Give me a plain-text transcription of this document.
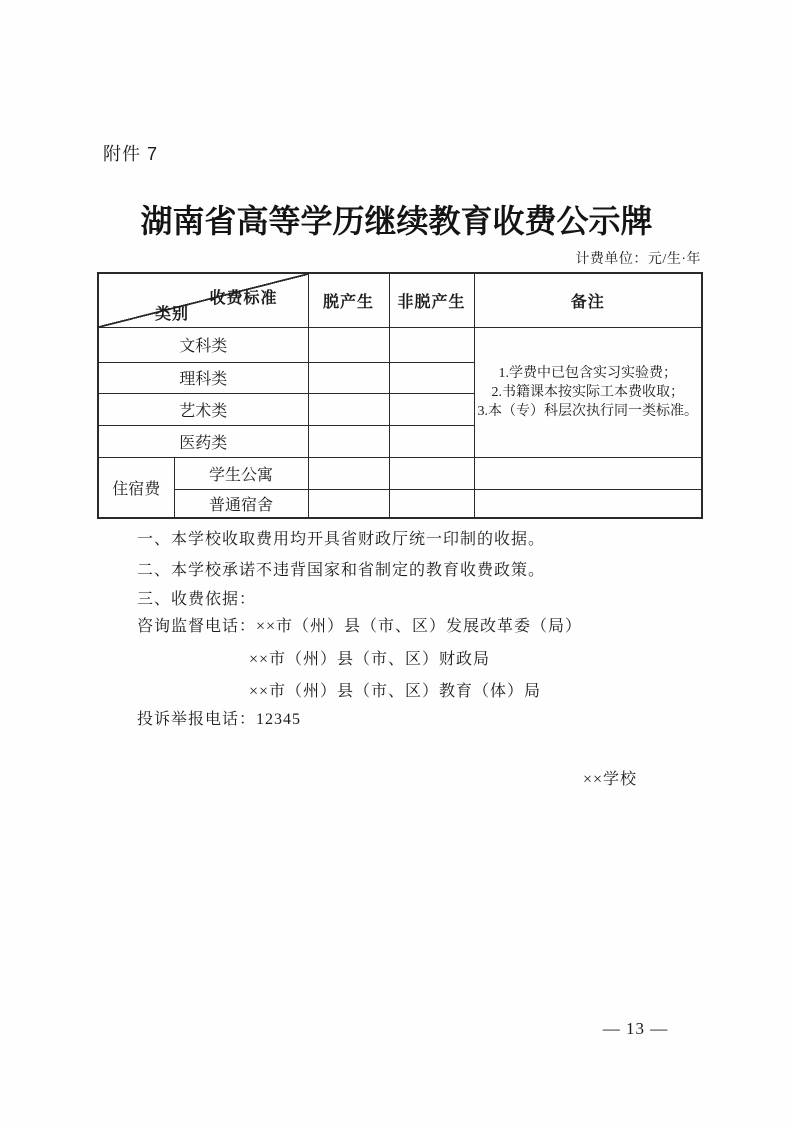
附件 7
湖南省高等学历继续教育收费公示牌
计费单位：元/生·年
收费标准
类别		脱产生	非脱产生	备注
文科类				1.学费中已包含实习实验费；
2.书籍课本按实际工本费收取；
3.本（专）科层次执行同一类标准。

理科类				
艺术类				
医药类				
住宿费	学生公寓			
	普通宿舍			
一、本学校收取费用均开具省财政厅统一印制的收据。
二、本学校承诺不违背国家和省制定的教育收费政策。
三、收费依据：
咨询监督电话：××市（州）县（市、区）发展改革委（局）
××市（州）县（市、区）财政局
××市（州）县（市、区）教育（体）局
投诉举报电话：12345
××学校
— 13 —
